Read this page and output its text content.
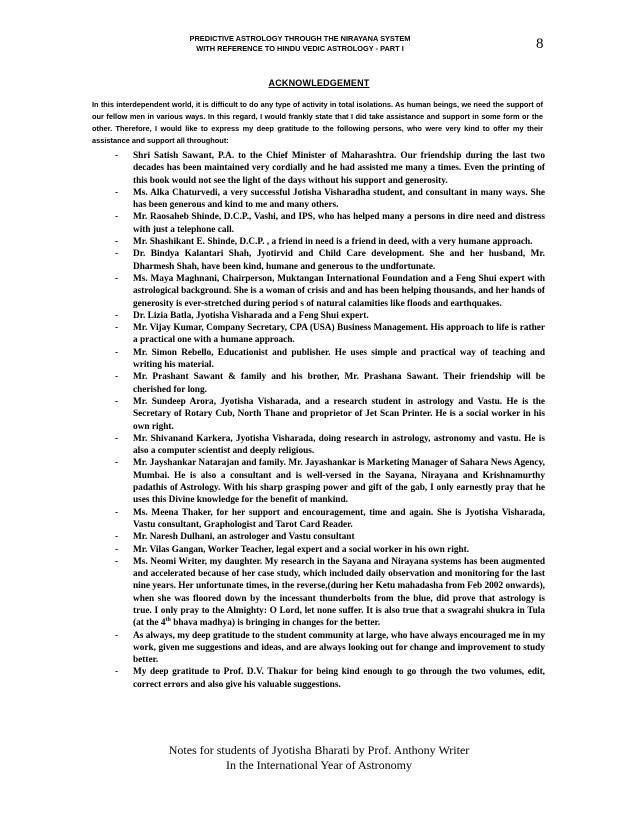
PREDICTIVE ASTROLOGY THROUGH THE NIRAYANA SYSTEM
WITH REFERENCE TO HINDU VEDIC ASTROLOGY - PART I	8
ACKNOWLEDGEMENT

In this interdependent world, it is difficult to do any type of activity in total isolations. As human beings, we need the support of our fellow men in various ways. In this regard, I would frankly state that I did take assistance and support in some form or the other. Therefore, I would like to express my deep gratitude to the following persons, who were very kind to offer my their assistance and support all throughout:

- Shri Satish Sawant, P.A. to the Chief Minister of Maharashtra. Our friendship during the last two decades has been maintained very cordially and he had assisted me many a times. Even the printing of this book would not see the light of the days without his support and generosity.
- Ms. Alka Chaturvedi, a very successful Jotisha Visharadha student, and consultant in many ways. She has been generous and kind to me and many others.
- Mr. Raosaheb Shinde, D.C.P., Vashi, and IPS, who has helped many a persons in dire need and distress with just a telephone call.
- Mr. Shashikant E. Shinde, D.C.P. , a friend in need is a friend in deed, with a very humane approach.
- Dr. Bindya Kalantari Shah, Jyotirvid and Child Care development. She and her husband, Mr. Dharmesh Shah, have been kind, humane and generous to the undfortunate.
- Ms. Maya Maghnani, Chairperson, Muktangan International Foundation and a Feng Shui expert with astrological background. She is a woman of crisis and and has been helping thousands, and her hands of generosity is ever-stretched during period s of natural calamities like floods and earthquakes.
- Dr. Lizia Batla, Jyotisha Visharada and a Feng Shui expert.
- Mr. Vijay Kumar, Company Secretary, CPA (USA) Business Management. His approach to life is rather a practical one with a humane approach.
- Mr. Simon Rebello, Educationist and publisher. He uses simple and practical way of teaching and writing his material.
- Mr. Prashant Sawant & family and his brother, Mr. Prashana Sawant. Their friendship will be cherished for long.
- Mr. Sundeep Arora, Jyotisha Visharada, and a research student in astrology and Vastu. He is the Secretary of Rotary Cub, North Thane and proprietor of Jet Scan Printer. He is a social worker in his own right.
- Mr. Shivanand Karkera, Jyotisha Visharada, doing research in astrology, astronomy and vastu. He is also a computer scientist and deeply religious.
- Mr. Jayshankar Natarajan and family. Mr. Jayashankar is Marketing Manager of Sahara News Agency, Mumbai. He is also a consultant and is well-versed in the Sayana, Nirayana and Krishnamurthy padathis of Astrology. With his sharp grasping power and gift of the gab, I only earnestly pray that he uses this Divine knowledge for the benefit of mankind.
- Ms. Meena Thaker, for her support and encouragement, time and again. She is Jyotisha Visharada, Vastu consultant, Graphologist and Tarot Card Reader.
- Mr. Naresh Dulhani, an astrologer and Vastu consultant
- Mr. Vilas Gangan, Worker Teacher, legal expert and a social worker in his own right.
- Ms. Neomi Writer, my daughter. My research in the Sayana and Nirayana systems has been augmented and accelerated because of her case study, which included daily observation and monitoring for the last nine years. Her unfortunate times, in the reverse,(during her Ketu mahadasha from Feb 2002 onwards), when she was floored down by the incessant thunderbolts from the blue, did prove that astrology is true. I only pray to the Almighty: O Lord, let none suffer. It is also true that a swagrahi shukra in Tula (at the 4th bhava madhya) is bringing in changes for the better.
- As always, my deep gratitude to the student community at large, who have always encouraged me in my work, given me suggestions and ideas, and are always looking out for change and improvement to study better.
- My deep gratitude to Prof. D.V. Thakur for being kind enough to go through the two volumes, edit, correct errors and also give his valuable suggestions.
Notes for students of Jyotisha Bharati by Prof. Anthony Writer
In the International Year of Astronomy
